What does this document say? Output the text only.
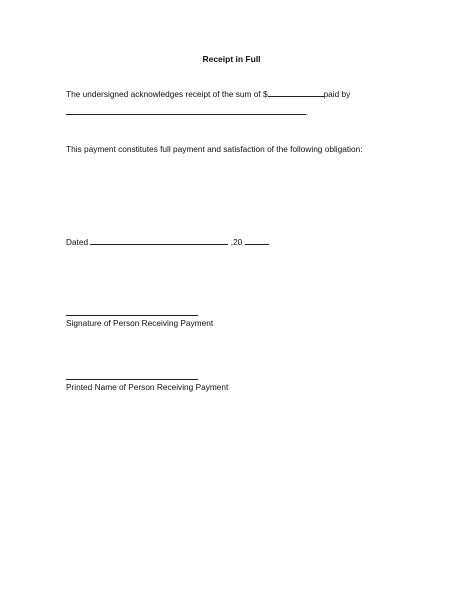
Receipt in Full
The undersigned acknowledges receipt of the sum of $	paid by
.
This payment constitutes full payment and satisfaction of the following obligation:
Dated	,20
Signature of Person Receiving Payment
Printed Name of Person Receiving Payment
